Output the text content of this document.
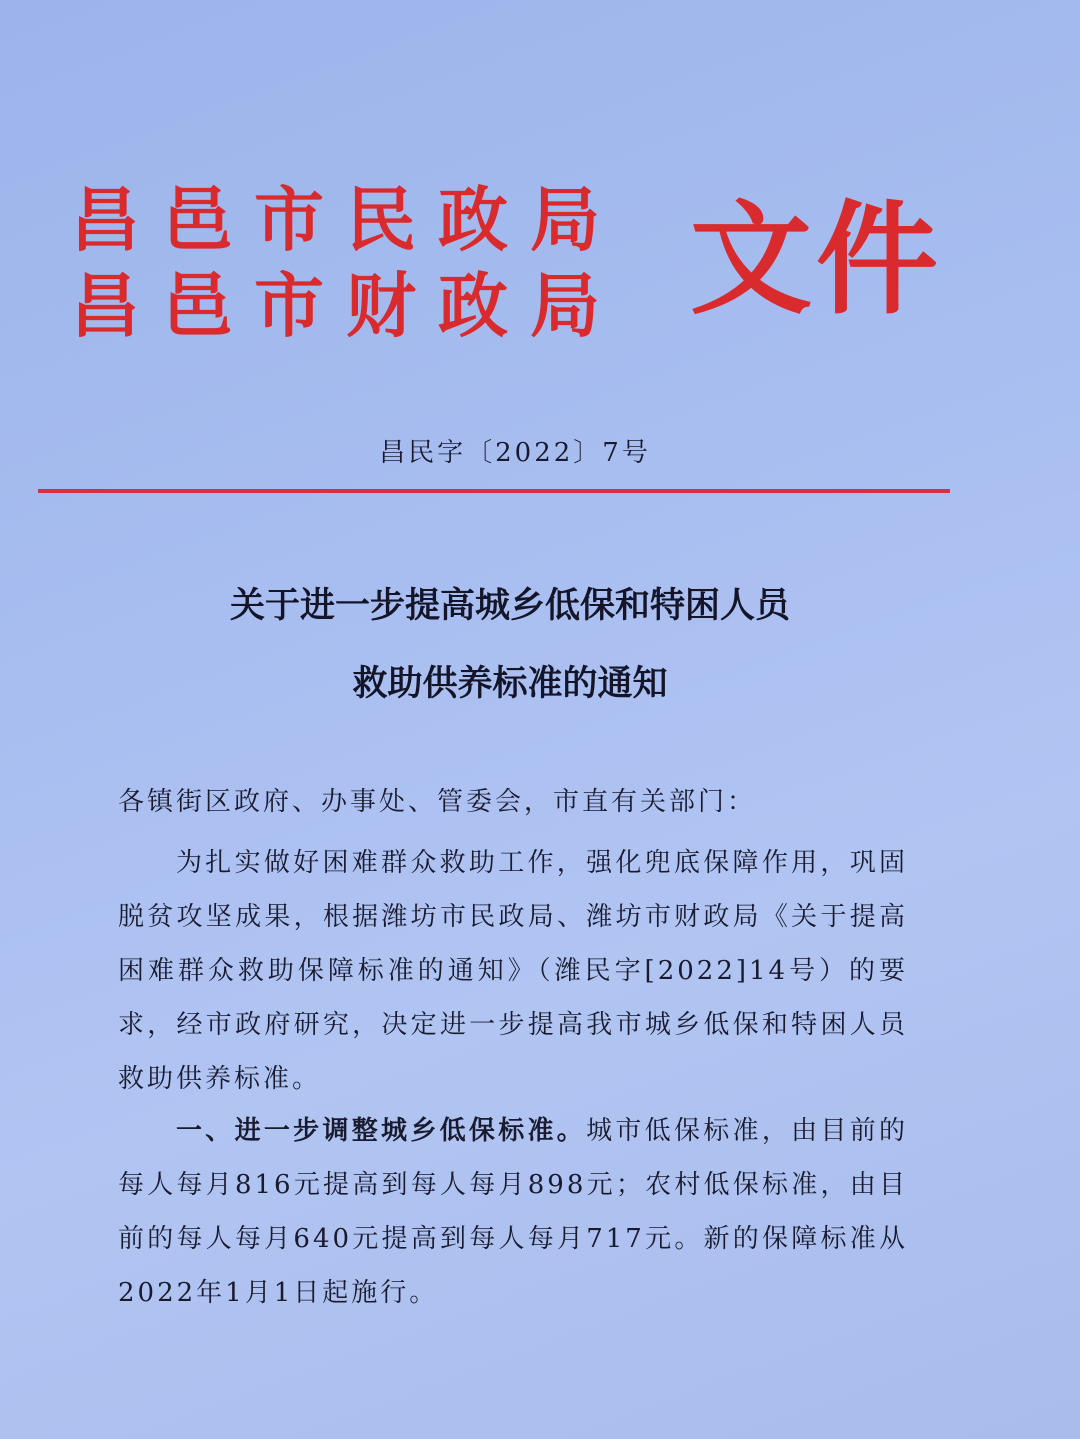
昌邑市民政局
昌邑市财政局 文件
昌民字〔2022〕7号
关于进一步提高城乡低保和特困人员
救助供养标准的通知
各镇街区政府、办事处、管委会，市直有关部门：
为扎实做好困难群众救助工作，强化兜底保障作用，巩固脱贫攻坚成果，根据潍坊市民政局、潍坊市财政局《关于提高困难群众救助保障标准的通知》（潍民字[2022]14号）的要求，经市政府研究，决定进一步提高我市城乡低保和特困人员救助供养标准。
一、进一步调整城乡低保标准。城市低保标准，由目前的每人每月816元提高到每人每月898元；农村低保标准，由目前的每人每月640元提高到每人每月717元。新的保障标准从2022年1月1日起施行。
